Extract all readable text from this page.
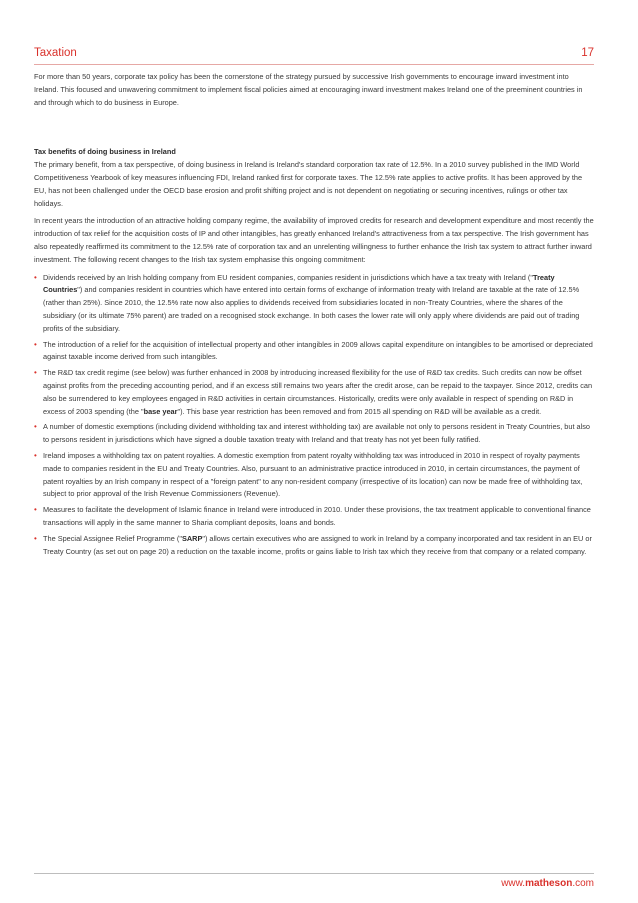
Taxation	17

For more than 50 years, corporate tax policy has been the cornerstone of the strategy pursued by successive Irish governments to encourage inward investment into Ireland. This focused and unwavering commitment to implement fiscal policies aimed at encouraging inward investment makes Ireland one of the preeminent countries in and through which to do business in Europe.

Tax benefits of doing business in Ireland

The primary benefit, from a tax perspective, of doing business in Ireland is Ireland's standard corporation tax rate of 12.5%. In a 2010 survey published in the IMD World Competitiveness Yearbook of key measures influencing FDI, Ireland ranked first for corporate taxes. The 12.5% rate applies to active profits. It has been approved by the EU, has not been challenged under the OECD base erosion and profit shifting project and is not dependent on negotiating or securing incentives, rulings or other tax holidays.

In recent years the introduction of an attractive holding company regime, the availability of improved credits for research and development expenditure and most recently the introduction of tax relief for the acquisition costs of IP and other intangibles, has greatly enhanced Ireland's attractiveness from a tax perspective. The Irish government has also repeatedly reaffirmed its commitment to the 12.5% rate of corporation tax and an unrelenting willingness to further enhance the Irish tax system to attract further inward investment. The following recent changes to the Irish tax system emphasise this ongoing commitment:

• Dividends received by an Irish holding company from EU resident companies, companies resident in jurisdictions which have a tax treaty with Ireland ("Treaty Countries") and companies resident in countries which have entered into certain forms of exchange of information treaty with Ireland are taxable at the rate of 12.5% (rather than 25%). Since 2010, the 12.5% rate now also applies to dividends received from subsidiaries located in non-Treaty Countries, where the shares of the subsidiary (or its ultimate 75% parent) are traded on a recognised stock exchange. In both cases the lower rate will only apply where dividends are paid out of trading profits of the subsidiary.
• The introduction of a relief for the acquisition of intellectual property and other intangibles in 2009 allows capital expenditure on intangibles to be amortised or depreciated against taxable income derived from such intangibles.
• The R&D tax credit regime (see below) was further enhanced in 2008 by introducing increased flexibility for the use of R&D tax credits. Such credits can now be offset against profits from the preceding accounting period, and if an excess still remains two years after the credit arose, can be repaid to the taxpayer. Since 2012, credits can also be surrendered to key employees engaged in R&D activities in certain circumstances. Historically, credits were only available in respect of spending on R&D in excess of 2003 spending (the "base year"). This base year restriction has been removed and from 2015 all spending on R&D will be available as a credit.
• A number of domestic exemptions (including dividend withholding tax and interest withholding tax) are available not only to persons resident in Treaty Countries, but also to persons resident in jurisdictions which have signed a double taxation treaty with Ireland and that treaty has not yet been fully ratified.
• Ireland imposes a withholding tax on patent royalties. A domestic exemption from patent royalty withholding tax was introduced in 2010 in respect of royalty payments made to companies resident in the EU and Treaty Countries. Also, pursuant to an administrative practice introduced in 2010, in certain circumstances, the payment of patent royalties by an Irish company in respect of a "foreign patent" to any non-resident company (irrespective of its location) can now be made free of withholding tax, subject to prior approval of the Irish Revenue Commissioners (Revenue).
• Measures to facilitate the development of Islamic finance in Ireland were introduced in 2010. Under these provisions, the tax treatment applicable to conventional finance transactions will apply in the same manner to Sharia compliant deposits, loans and bonds.
• The Special Assignee Relief Programme ("SARP") allows certain executives who are assigned to work in Ireland by a company incorporated and tax resident in an EU or Treaty Country (as set out on page 20) a reduction on the taxable income, profits or gains liable to Irish tax which they receive from that company or a related company.
www.matheson.com
